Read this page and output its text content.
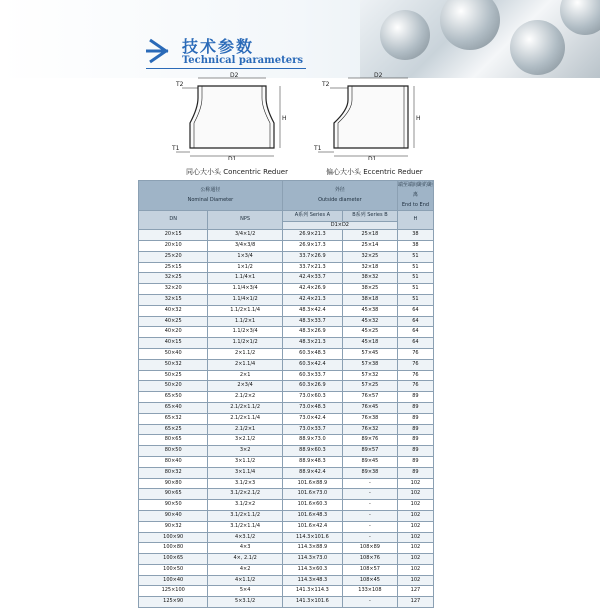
技术参数
Technical parameters
D2
T2
H
T1
D1
同心大小头 Concentric Reduer
D2
T2
H
T1
D1
偏心大小头 Eccentric Reduer
公称通径
Nominal Diameter		外径
Outside diameter		端至端间距的距离
End to End
DN	NPS	A系列 Series A	B系列 Series B	H
		D1×D2		
20×15	3/4×1/2	26.9×21.3	25×18	38
20×10	3/4×3/8	26.9×17.3	25×14	38
25×20	1×3/4	33.7×26.9	32×25	51
25×15	1×1/2	33.7×21.3	32×18	51
32×25	1.1/4×1	42.4×33.7	38×32	51
32×20	1.1/4×3/4	42.4×26.9	38×25	51
32×15	1.1/4×1/2	42.4×21.3	38×18	51
40×32	1.1/2×1.1/4	48.3×42.4	45×38	64
40×25	1.1/2×1	48.3×33.7	45×32	64
40×20	1.1/2×3/4	48.3×26.9	45×25	64
40×15	1.1/2×1/2	48.3×21.3	45×18	64
50×40	2×1.1/2	60.3×48.3	57×45	76
50×32	2×1.1/4	60.3×42.4	57×38	76
50×25	2×1	60.3×33.7	57×32	76
50×20	2×3/4	60.3×26.9	57×25	76
65×50	2.1/2×2	73.0×60.3	76×57	89
65×40	2.1/2×1.1/2	73.0×48.3	76×45	89
65×32	2.1/2×1.1/4	73.0×42.4	76×38	89
65×25	2.1/2×1	73.0×33.7	76×32	89
80×65	3×2.1/2	88.9×73.0	89×76	89
80×50	3×2	88.9×60.3	89×57	89
80×40	3×1.1/2	88.9×48.3	89×45	89
80×32	3×1.1/4	88.9×42.4	89×38	89
90×80	3.1/2×3	101.6×88.9	-	102
90×65	3.1/2×2.1/2	101.6×73.0	-	102
90×50	3.1/2×2	101.6×60.3	-	102
90×40	3.1/2×1.1/2	101.6×48.3	-	102
90×32	3.1/2×1.1/4	101.6×42.4	-	102
100×90	4×3.1/2	114.3×101.6	-	102
100×80	4×3	114.3×88.9	108×89	102
100×65	4×, 2.1/2	114.3×73.0	108×76	102
100×50	4×2	114.3×60.3	108×57	102
100×40	4×1.1/2	114.3×48.3	108×45	102
125×100	5×4	141.3×114.3	133×108	127
125×90	5×3.1/2	141.3×101.6	-	127
